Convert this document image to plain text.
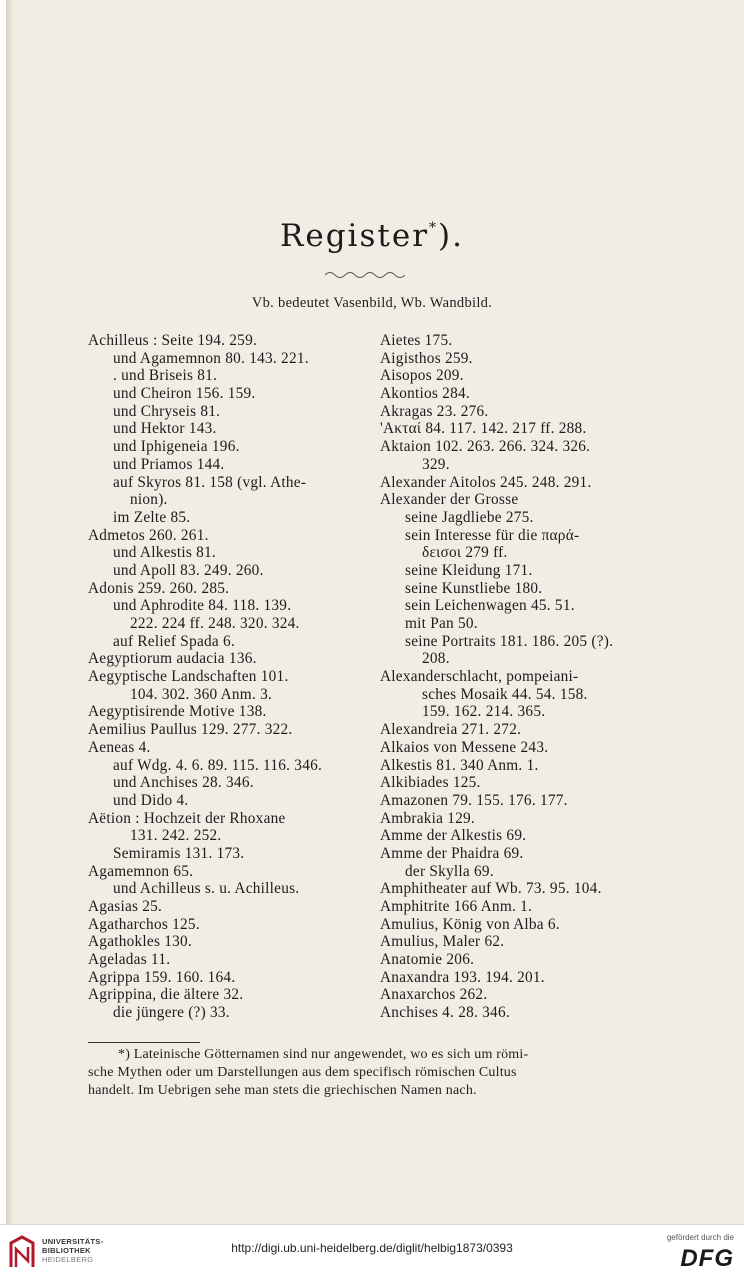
Register*).
Vb. bedeutet Vasenbild, Wb. Wandbild.
Achilleus : Seite 194. 259.
und Agamemnon 80. 143. 221.
. und Briseis 81.
und Cheiron 156. 159.
und Chryseis 81.
und Hektor 143.
und Iphigeneia 196.
und Priamos 144.
auf Skyros 81. 158 (vgl. Athe-
nion).
im Zelte 85.
Admetos 260. 261.
und Alkestis 81.
und Apoll 83. 249. 260.
Adonis 259. 260. 285.
und Aphrodite 84. 118. 139.
222. 224 ff. 248. 320. 324.
auf Relief Spada 6.
Aegyptiorum audacia 136.
Aegyptische Landschaften 101.
104. 302. 360 Anm. 3.
Aegyptisirende Motive 138.
Aemilius Paullus 129. 277. 322.
Aeneas 4.
auf Wdg. 4. 6. 89. 115. 116. 346.
und Anchises 28. 346.
und Dido 4.
Aëtion : Hochzeit der Rhoxane
131. 242. 252.
Semiramis 131. 173.
Agamemnon 65.
und Achilleus s. u. Achilleus.
Agasias 25.
Agatharchos 125.
Agathokles 130.
Ageladas 11.
Agrippa 159. 160. 164.
Agrippina, die ältere 32.
die jüngere (?) 33.
Aietes 175.
Aigisthos 259.
Aisopos 209.
Akontios 284.
Akragas 23. 276.
'Ακταί 84. 117. 142. 217 ff. 288.
Aktaion 102. 263. 266. 324. 326.
329.
Alexander Aitolos 245. 248. 291.
Alexander der Grosse
seine Jagdliebe 275.
sein Interesse für die παρά-
δεισοι 279 ff.
seine Kleidung 171.
seine Kunstliebe 180.
sein Leichenwagen 45. 51.
mit Pan 50.
seine Portraits 181. 186. 205 (?).
208.
Alexanderschlacht, pompeiani-
sches Mosaik 44. 54. 158.
159. 162. 214. 365.
Alexandreia 271. 272.
Alkaios von Messene 243.
Alkestis 81. 340 Anm. 1.
Alkibiades 125.
Amazonen 79. 155. 176. 177.
Ambrakia 129.
Amme der Alkestis 69.
Amme der Phaidra 69.
der Skylla 69.
Amphitheater auf Wb. 73. 95. 104.
Amphitrite 166 Anm. 1.
Amulius, König von Alba 6.
Amulius, Maler 62.
Anatomie 206.
Anaxandra 193. 194. 201.
Anaxarchos 262.
Anchises 4. 28. 346.
*) Lateinische Götternamen sind nur angewendet, wo es sich um römi-
sche Mythen oder um Darstellungen aus dem specifisch römischen Cultus
handelt. Im Uebrigen sehe man stets die griechischen Namen nach.
UNIVERSITÄTS-
BIBLIOTHEK
HEIDELBERG
http://digi.ub.uni-heidelberg.de/diglit/helbig1873/0393
gefördert durch die
DFG
